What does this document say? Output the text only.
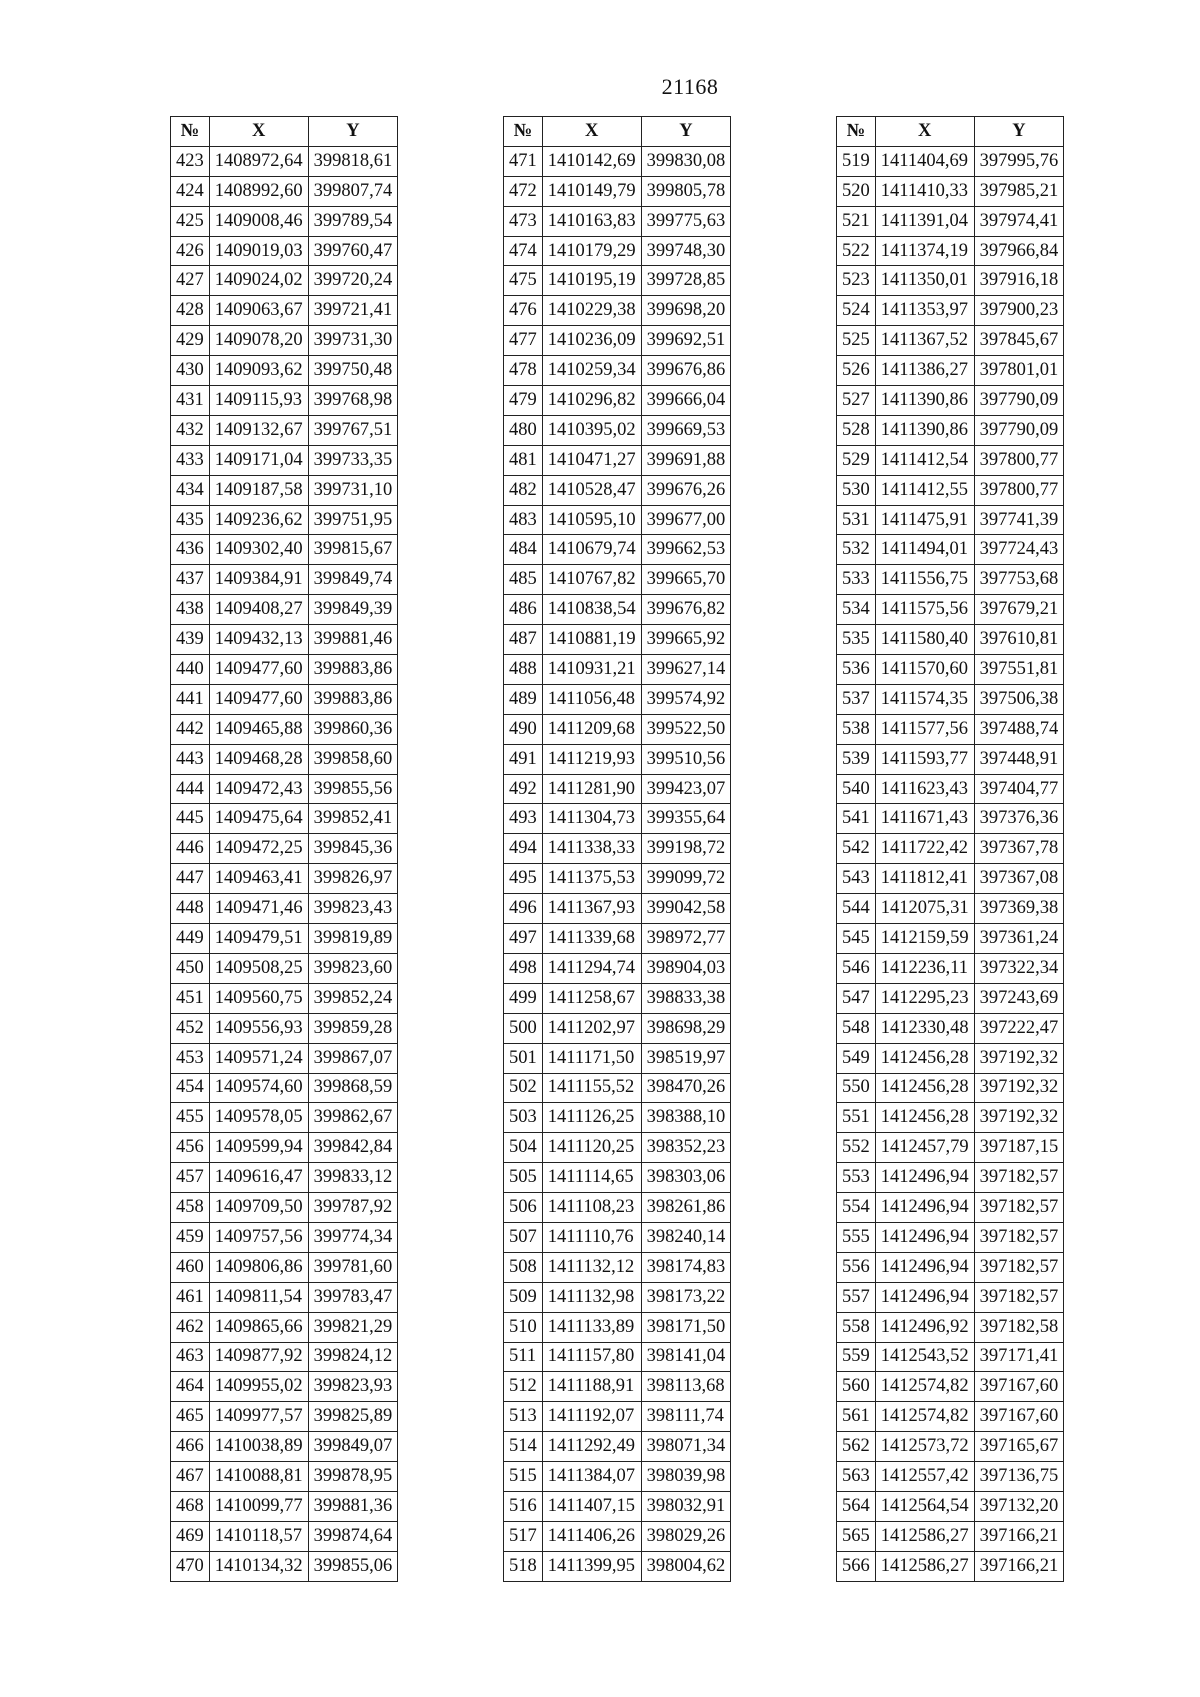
21168
№	X	Y
423	1408972,64	399818,61
424	1408992,60	399807,74
425	1409008,46	399789,54
426	1409019,03	399760,47
427	1409024,02	399720,24
428	1409063,67	399721,41
429	1409078,20	399731,30
430	1409093,62	399750,48
431	1409115,93	399768,98
432	1409132,67	399767,51
433	1409171,04	399733,35
434	1409187,58	399731,10
435	1409236,62	399751,95
436	1409302,40	399815,67
437	1409384,91	399849,74
438	1409408,27	399849,39
439	1409432,13	399881,46
440	1409477,60	399883,86
441	1409477,60	399883,86
442	1409465,88	399860,36
443	1409468,28	399858,60
444	1409472,43	399855,56
445	1409475,64	399852,41
446	1409472,25	399845,36
447	1409463,41	399826,97
448	1409471,46	399823,43
449	1409479,51	399819,89
450	1409508,25	399823,60
451	1409560,75	399852,24
452	1409556,93	399859,28
453	1409571,24	399867,07
454	1409574,60	399868,59
455	1409578,05	399862,67
456	1409599,94	399842,84
457	1409616,47	399833,12
458	1409709,50	399787,92
459	1409757,56	399774,34
460	1409806,86	399781,60
461	1409811,54	399783,47
462	1409865,66	399821,29
463	1409877,92	399824,12
464	1409955,02	399823,93
465	1409977,57	399825,89
466	1410038,89	399849,07
467	1410088,81	399878,95
468	1410099,77	399881,36
469	1410118,57	399874,64
470	1410134,32	399855,06
№	X	Y
471	1410142,69	399830,08
472	1410149,79	399805,78
473	1410163,83	399775,63
474	1410179,29	399748,30
475	1410195,19	399728,85
476	1410229,38	399698,20
477	1410236,09	399692,51
478	1410259,34	399676,86
479	1410296,82	399666,04
480	1410395,02	399669,53
481	1410471,27	399691,88
482	1410528,47	399676,26
483	1410595,10	399677,00
484	1410679,74	399662,53
485	1410767,82	399665,70
486	1410838,54	399676,82
487	1410881,19	399665,92
488	1410931,21	399627,14
489	1411056,48	399574,92
490	1411209,68	399522,50
491	1411219,93	399510,56
492	1411281,90	399423,07
493	1411304,73	399355,64
494	1411338,33	399198,72
495	1411375,53	399099,72
496	1411367,93	399042,58
497	1411339,68	398972,77
498	1411294,74	398904,03
499	1411258,67	398833,38
500	1411202,97	398698,29
501	1411171,50	398519,97
502	1411155,52	398470,26
503	1411126,25	398388,10
504	1411120,25	398352,23
505	1411114,65	398303,06
506	1411108,23	398261,86
507	1411110,76	398240,14
508	1411132,12	398174,83
509	1411132,98	398173,22
510	1411133,89	398171,50
511	1411157,80	398141,04
512	1411188,91	398113,68
513	1411192,07	398111,74
514	1411292,49	398071,34
515	1411384,07	398039,98
516	1411407,15	398032,91
517	1411406,26	398029,26
518	1411399,95	398004,62
№	X	Y
519	1411404,69	397995,76
520	1411410,33	397985,21
521	1411391,04	397974,41
522	1411374,19	397966,84
523	1411350,01	397916,18
524	1411353,97	397900,23
525	1411367,52	397845,67
526	1411386,27	397801,01
527	1411390,86	397790,09
528	1411390,86	397790,09
529	1411412,54	397800,77
530	1411412,55	397800,77
531	1411475,91	397741,39
532	1411494,01	397724,43
533	1411556,75	397753,68
534	1411575,56	397679,21
535	1411580,40	397610,81
536	1411570,60	397551,81
537	1411574,35	397506,38
538	1411577,56	397488,74
539	1411593,77	397448,91
540	1411623,43	397404,77
541	1411671,43	397376,36
542	1411722,42	397367,78
543	1411812,41	397367,08
544	1412075,31	397369,38
545	1412159,59	397361,24
546	1412236,11	397322,34
547	1412295,23	397243,69
548	1412330,48	397222,47
549	1412456,28	397192,32
550	1412456,28	397192,32
551	1412456,28	397192,32
552	1412457,79	397187,15
553	1412496,94	397182,57
554	1412496,94	397182,57
555	1412496,94	397182,57
556	1412496,94	397182,57
557	1412496,94	397182,57
558	1412496,92	397182,58
559	1412543,52	397171,41
560	1412574,82	397167,60
561	1412574,82	397167,60
562	1412573,72	397165,67
563	1412557,42	397136,75
564	1412564,54	397132,20
565	1412586,27	397166,21
566	1412586,27	397166,21
